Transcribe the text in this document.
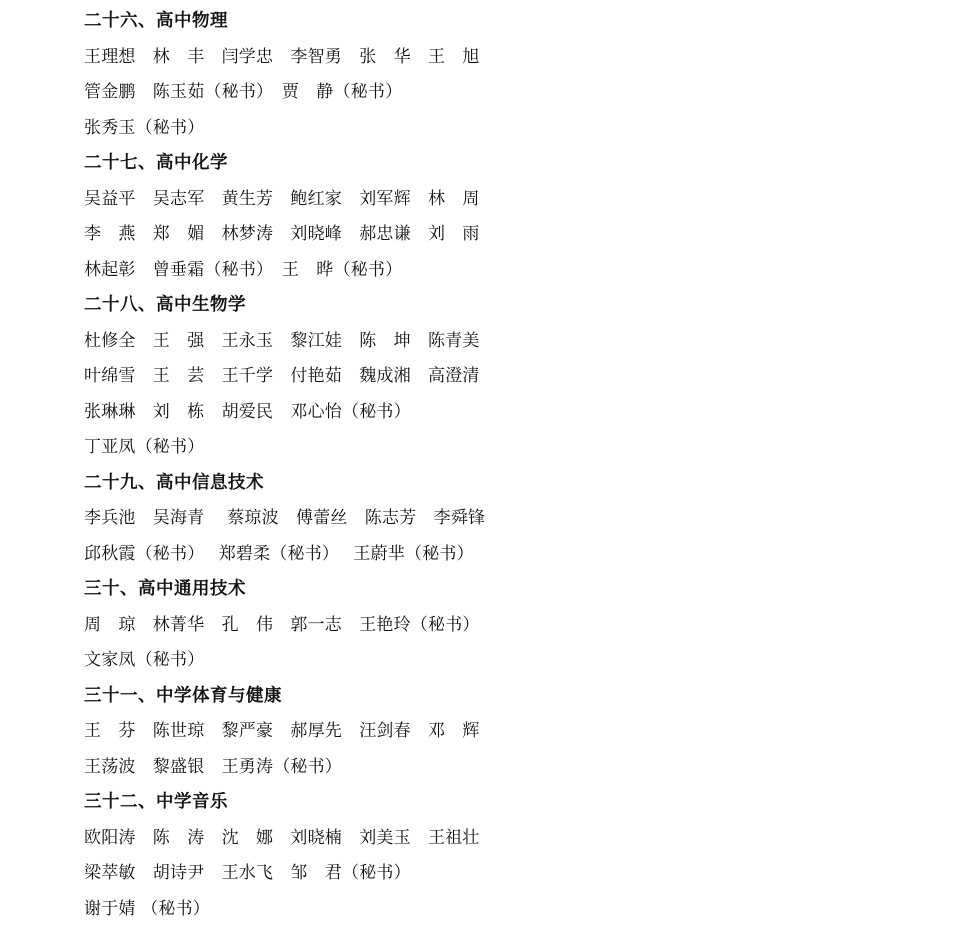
二十六、高中物理
王理想　林　丰　闫学忠　李智勇　张　华　王　旭
管金鹏　陈玉茹（秘书）　贾　静（秘书）
张秀玉（秘书）
二十七、高中化学
吴益平　吴志军　黄生芳　鲍红家　刘军辉　林　周
李　燕　郑　媚　林梦涛　刘晓峰　郝忠谦　刘　雨
林起彰　曾垂霜（秘书）　王　晔（秘书）
二十八、高中生物学
杜修全　王　强　王永玉　黎江娃　陈　坤　陈青美
叶绵雪　王　芸　王千学　付艳茹　魏成湘　高澄清
张琳琳　刘　栋　胡爱民　邓心怡（秘书）
丁亚凤（秘书）
二十九、高中信息技术
李兵池　吴海青　 蔡琼波　傅蕾丝　陈志芳　李舜锋
邱秋霞（秘书）　 郑碧柔（秘书）　 王蔚芈（秘书）
三十、高中通用技术
周　琼　林菁华　孔　伟　郭一志　王艳玲（秘书）
文家凤（秘书）
三十一、中学体育与健康
王　芬　陈世琼　黎严豪　郝厚先　汪剑春　邓　辉
王荡波　黎盛银　王勇涛（秘书）
三十二、中学音乐
欧阳涛　陈　涛　沈　娜　刘晓楠　刘美玉　王祖壮
梁萃敏　胡诗尹　王水飞　邹　君（秘书）
谢于婧 （秘书）
